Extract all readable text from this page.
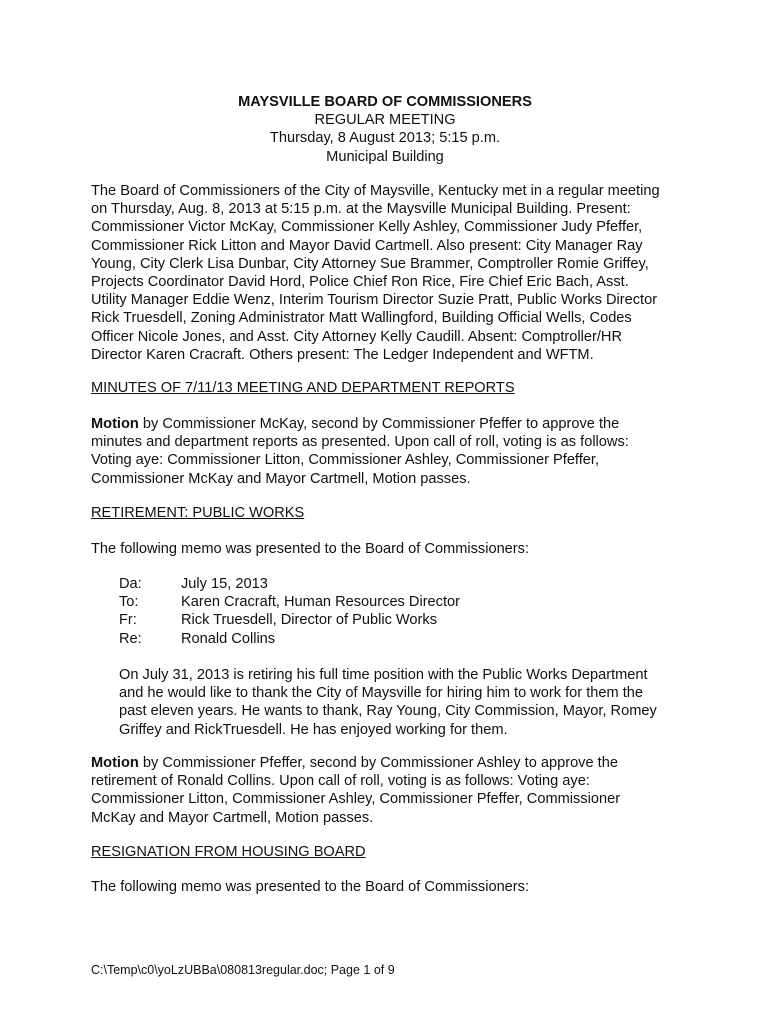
MAYSVILLE BOARD OF COMMISSIONERS
REGULAR MEETING
Thursday, 8 August 2013; 5:15 p.m.
Municipal Building
The Board of Commissioners of the City of Maysville, Kentucky met in a regular meeting
on Thursday, Aug. 8, 2013 at 5:15 p.m. at the Maysville Municipal Building. Present:
Commissioner Victor McKay, Commissioner Kelly Ashley, Commissioner Judy Pfeffer,
Commissioner Rick Litton and Mayor David Cartmell. Also present: City Manager Ray
Young, City Clerk Lisa Dunbar, City Attorney Sue Brammer, Comptroller Romie Griffey,
Projects Coordinator David Hord, Police Chief Ron Rice, Fire Chief Eric Bach, Asst.
Utility Manager Eddie Wenz, Interim Tourism Director Suzie Pratt, Public Works Director
Rick Truesdell, Zoning Administrator Matt Wallingford, Building Official Wells, Codes
Officer Nicole Jones, and Asst. City Attorney Kelly Caudill. Absent: Comptroller/HR
Director Karen Cracraft. Others present: The Ledger Independent and WFTM.
MINUTES OF 7/11/13 MEETING AND DEPARTMENT REPORTS
Motion by Commissioner McKay, second by Commissioner Pfeffer to approve the
minutes and department reports as presented. Upon call of roll, voting is as follows:
Voting aye: Commissioner Litton, Commissioner Ashley, Commissioner Pfeffer,
Commissioner McKay and Mayor Cartmell, Motion passes.
RETIREMENT: PUBLIC WORKS
The following memo was presented to the Board of Commissioners:
Da:	July 15, 2013
To:	Karen Cracraft, Human Resources Director
Fr:	Rick Truesdell, Director of Public Works
Re:	Ronald Collins
On July 31, 2013 is retiring his full time position with the Public Works Department
and he would like to thank the City of Maysville for hiring him to work for them the
past eleven years. He wants to thank, Ray Young, City Commission, Mayor, Romey
Griffey and RickTruesdell. He has enjoyed working for them.
Motion by Commissioner Pfeffer, second by Commissioner Ashley to approve the
retirement of Ronald Collins. Upon call of roll, voting is as follows: Voting aye:
Commissioner Litton, Commissioner Ashley, Commissioner Pfeffer, Commissioner
McKay and Mayor Cartmell, Motion passes.
RESIGNATION FROM HOUSING BOARD
The following memo was presented to the Board of Commissioners:
C:\Temp\c0\yoLzUBBa\080813regular.doc; Page 1 of 9
